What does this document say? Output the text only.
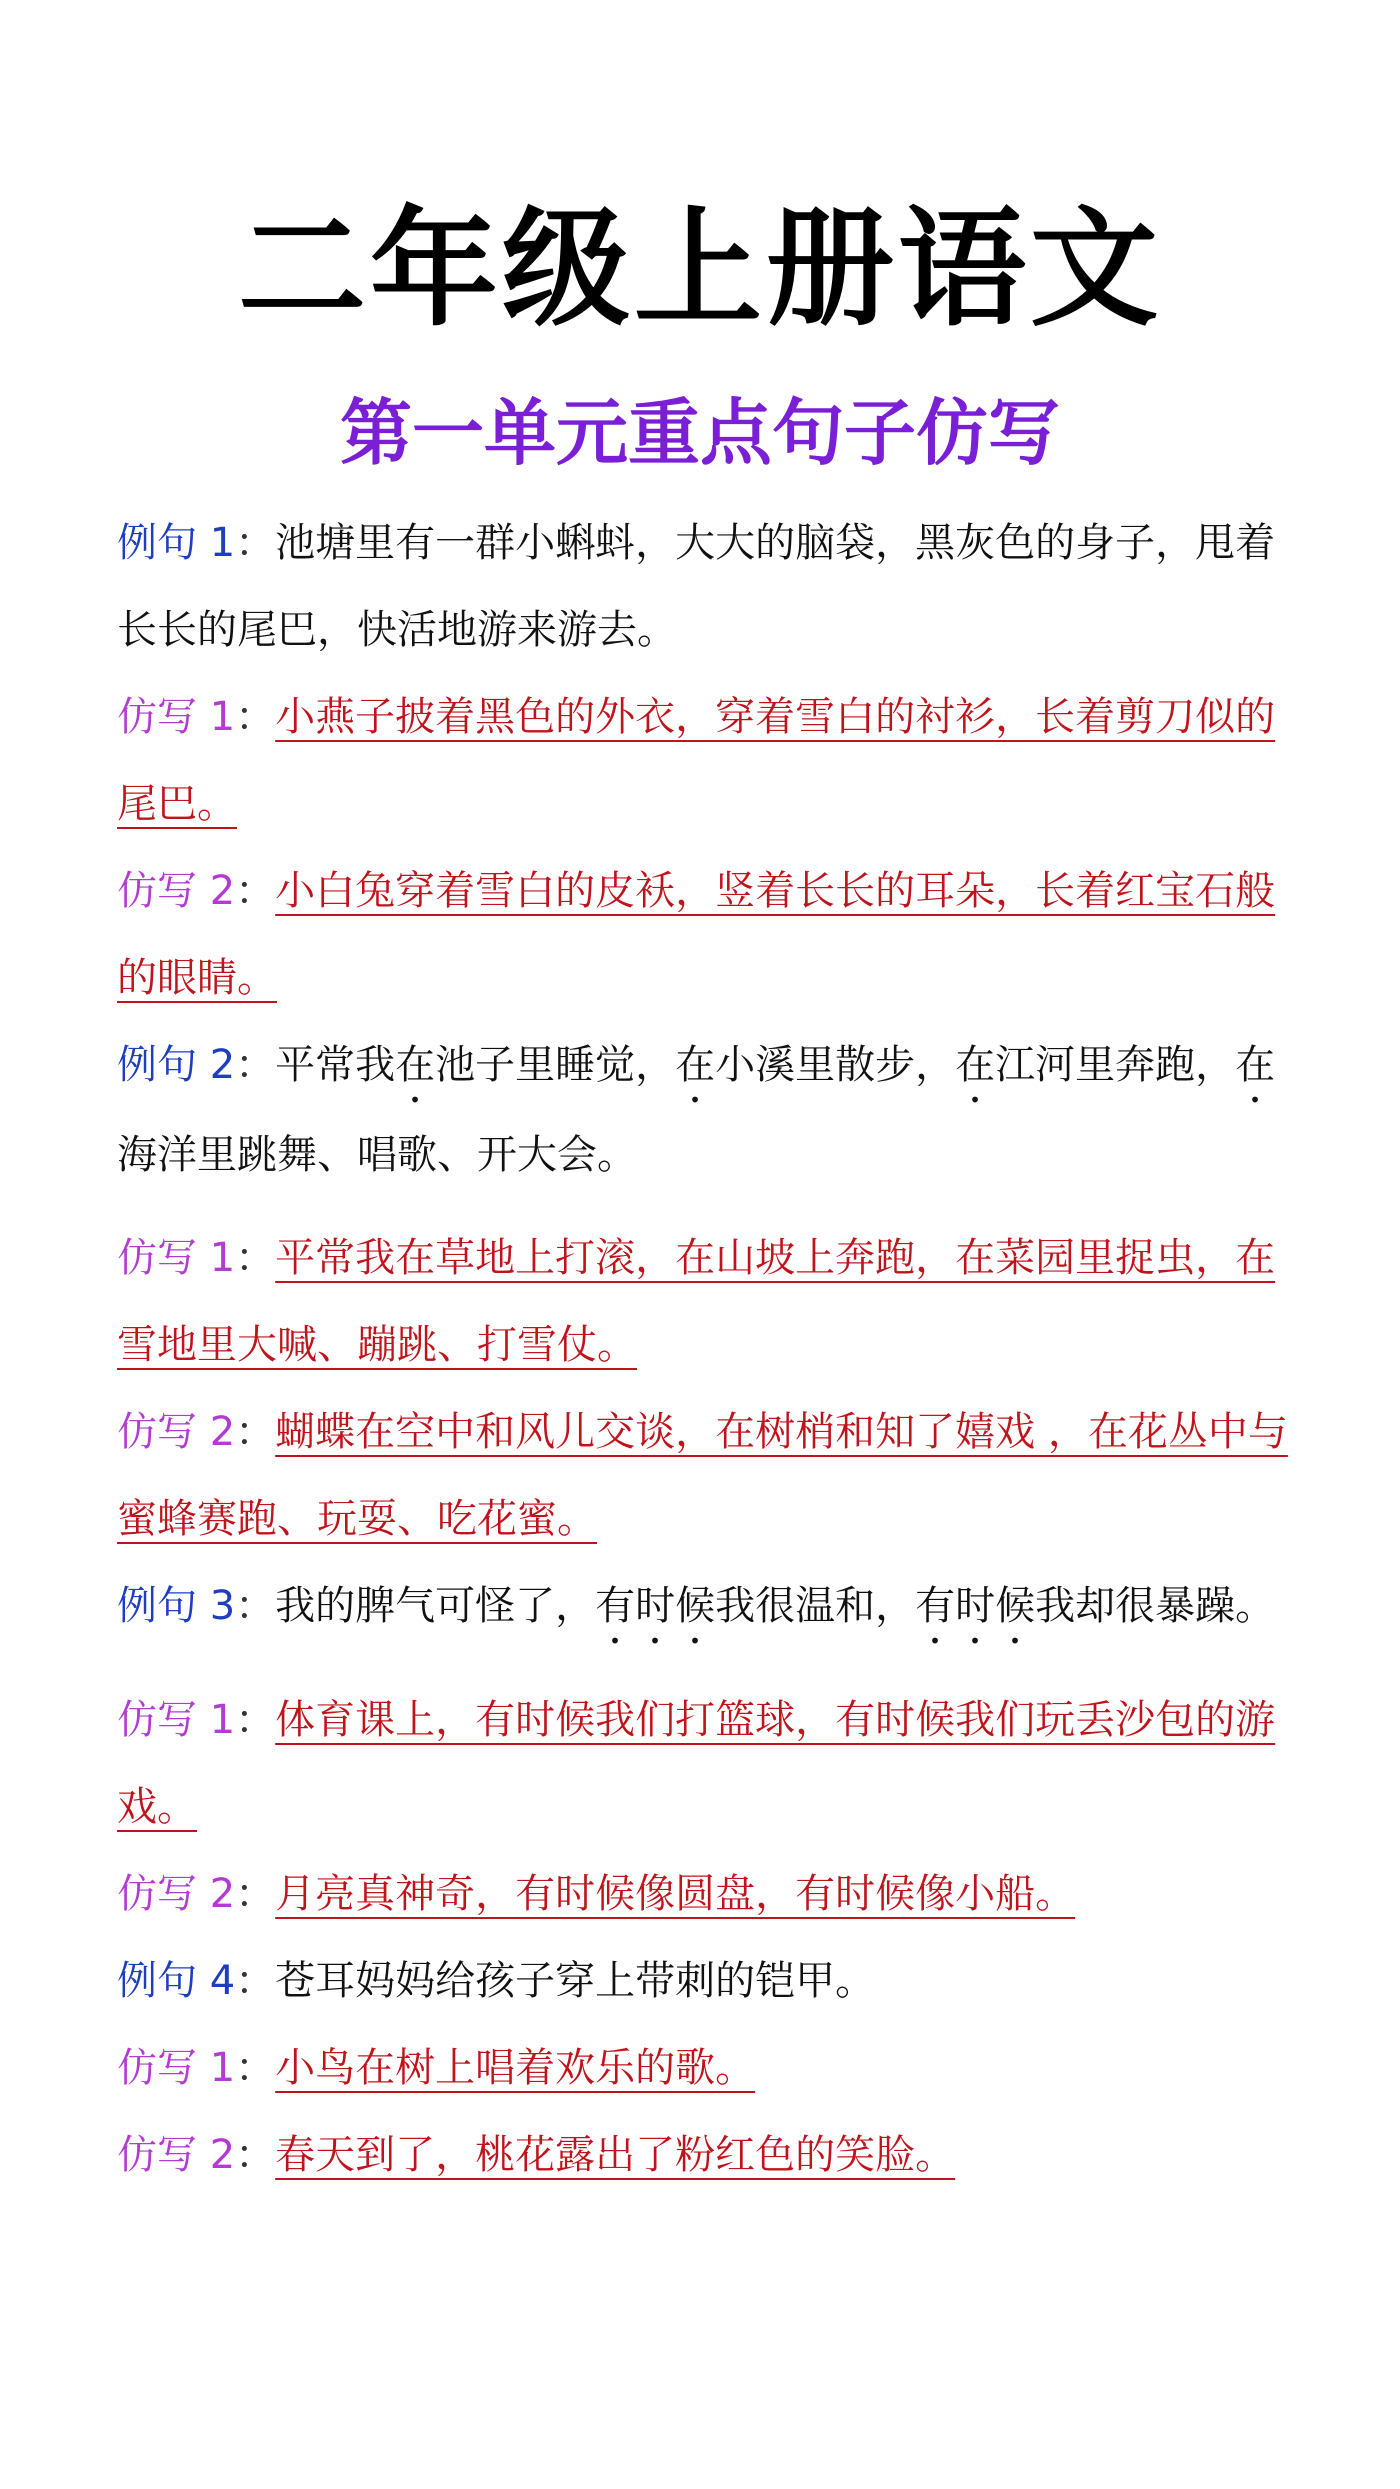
二年级上册语文
第一单元重点句子仿写

例句 1：池塘里有一群小蝌蚪，大大的脑袋，黑灰色的身子，甩着长长的尾巴，快活地游来游去。

仿写 1：小燕子披着黑色的外衣，穿着雪白的衬衫，长着剪刀似的尾巴。

仿写 2：小白兔穿着雪白的皮袄，竖着长长的耳朵，长着红宝石般的眼睛。

例句 2：平常我在池子里睡觉，在小溪里散步，在江河里奔跑，在海洋里跳舞、唱歌、开大会。

仿写 1：平常我在草地上打滚，在山坡上奔跑，在菜园里捉虫，在雪地里大喊、蹦跳、打雪仗。

仿写 2：蝴蝶在空中和风儿交谈，在树梢和知了嬉戏 ，在花丛中与蜜蜂赛跑、玩耍、吃花蜜。

例句 3：我的脾气可怪了，有时候我很温和，有时候我却很暴躁。

仿写 1：体育课上，有时候我们打篮球，有时候我们玩丢沙包的游戏。

仿写 2：月亮真神奇，有时候像圆盘，有时候像小船。

例句 4：苍耳妈妈给孩子穿上带刺的铠甲。

仿写 1：小鸟在树上唱着欢乐的歌。

仿写 2：春天到了，桃花露出了粉红色的笑脸。
